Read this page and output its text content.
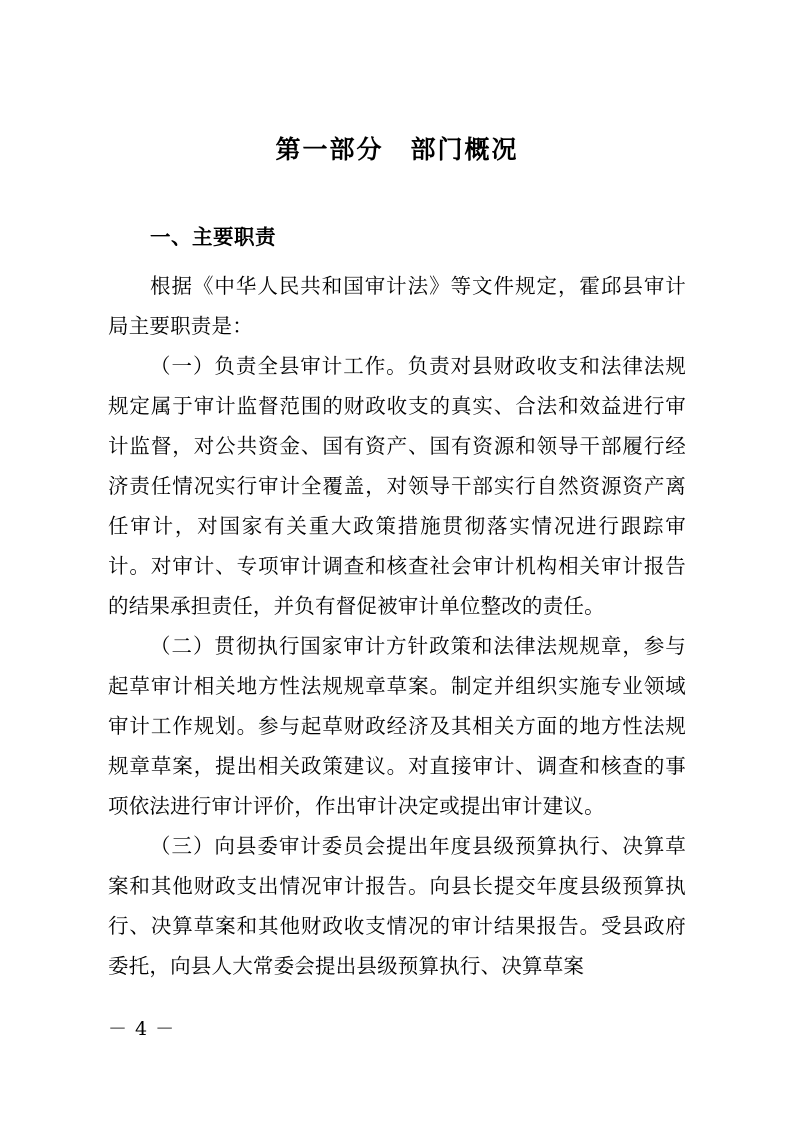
第一部分　部门概况
一、主要职责

根据《中华人民共和国审计法》等文件规定，霍邱县审计局主要职责是：

（一）负责全县审计工作。负责对县财政收支和法律法规规定属于审计监督范围的财政收支的真实、合法和效益进行审计监督，对公共资金、国有资产、国有资源和领导干部履行经济责任情况实行审计全覆盖，对领导干部实行自然资源资产离任审计，对国家有关重大政策措施贯彻落实情况进行跟踪审计。对审计、专项审计调查和核查社会审计机构相关审计报告的结果承担责任，并负有督促被审计单位整改的责任。

（二）贯彻执行国家审计方针政策和法律法规规章，参与起草审计相关地方性法规规章草案。制定并组织实施专业领域审计工作规划。参与起草财政经济及其相关方面的地方性法规规章草案，提出相关政策建议。对直接审计、调查和核查的事项依法进行审计评价，作出审计决定或提出审计建议。

（三）向县委审计委员会提出年度县级预算执行、决算草案和其他财政支出情况审计报告。向县长提交年度县级预算执行、决算草案和其他财政收支情况的审计结果报告。受县政府委托，向县人大常委会提出县级预算执行、决算草案

－ 4 －
